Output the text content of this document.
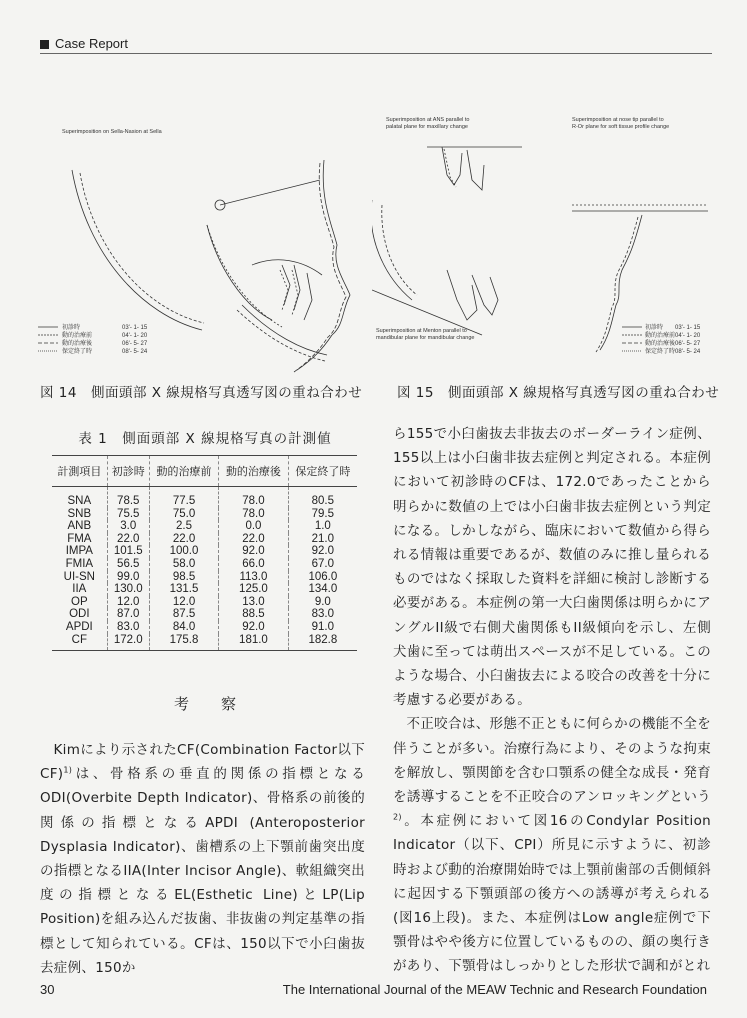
Case Report
Superimposition on Sella-Nasion at Sella
初診時
動的治療前
動的治療後
保定終了時
03'- 1- 15
04'- 1- 20
06'- 5- 27
08'- 5- 24
Superimposition at ANS parallel to
palatal plane for maxillary change
Superimposition at nose tip parallel to
R-Or plane for soft tissue profile change
Superimposition at Menton parallel to
mandibular plane for mandibular change
初診時
動的治療前
動的治療後
保定終了時
03'- 1- 15
04'- 1- 20
06'- 5- 27
08'- 5- 24
図 14　側面頭部 X 線規格写真透写図の重ね合わせ	図 15　側面頭部 X 線規格写真透写図の重ね合わせ
表 1　側面頭部 X 線規格写真の計測値
計測項目	初診時	動的治療前	動的治療後	保定終了時
SNA	78.5	77.5	78.0	80.5
SNB	75.5	75.0	78.0	79.5
ANB	3.0	2.5	0.0	1.0
FMA	22.0	22.0	22.0	21.0
IMPA	101.5	100.0	92.0	92.0
FMIA	56.5	58.0	66.0	67.0
UI-SN	99.0	98.5	113.0	106.0
IIA	130.0	131.5	125.0	134.0
OP	12.0	12.0	13.0	9.0
ODI	87.0	87.5	88.5	83.0
APDI	83.0	84.0	92.0	91.0
CF	172.0	175.8	181.0	182.8
考察

Kimにより示されたCF(Combination Factor以下CF)$^{1)}$は、骨格系の垂直的関係の指標となるODI(Overbite Depth Indicator)、骨格系の前後的関係の指標となるAPDI (Anteroposterior Dysplasia Indicator)、歯槽系の上下顎前歯突出度の指標となるIIA(Inter Incisor Angle)、軟組織突出度の指標となるEL(Esthetic Line)とLP(Lip Position)を組み込んだ抜歯、非抜歯の判定基準の指標として知られている。CFは、150以下で小臼歯抜去症例、150か

ら155で小臼歯抜去非抜去のボーダーライン症例、155以上は小臼歯非抜去症例と判定される。本症例において初診時のCFは、172.0であったことから明らかに数値の上では小臼歯非抜去症例という判定になる。しかしながら、臨床において数値から得られる情報は重要であるが、数値のみに推し量られるものではなく採取した資料を詳細に検討し診断する必要がある。本症例の第一大臼歯関係は明らかにアングルII級で右側犬歯関係もII級傾向を示し、左側犬歯に至っては萌出スペースが不足している。このような場合、小臼歯抜去による咬合の改善を十分に考慮する必要がある。

不正咬合は、形態不正ともに何らかの機能不全を伴うことが多い。治療行為により、そのような拘束を解放し、顎関節を含む口顎系の健全な成長・発育を誘導することを不正咬合のアンロッキングという$^{2)}$。本症例において図16のCondylar Position Indicator（以下、CPI）所見に示すように、初診時および動的治療開始時では上顎前歯部の舌側傾斜に起因する下顎頭部の後方への誘導が考えられる(図16上段)。また、本症例はLow angle症例で下顎骨はやや後方に位置しているものの、顔の奥行きがあり、下顎骨はしっかりとした形状で調和がとれ

30	The International Journal of the MEAW Technic and Research Foundation
